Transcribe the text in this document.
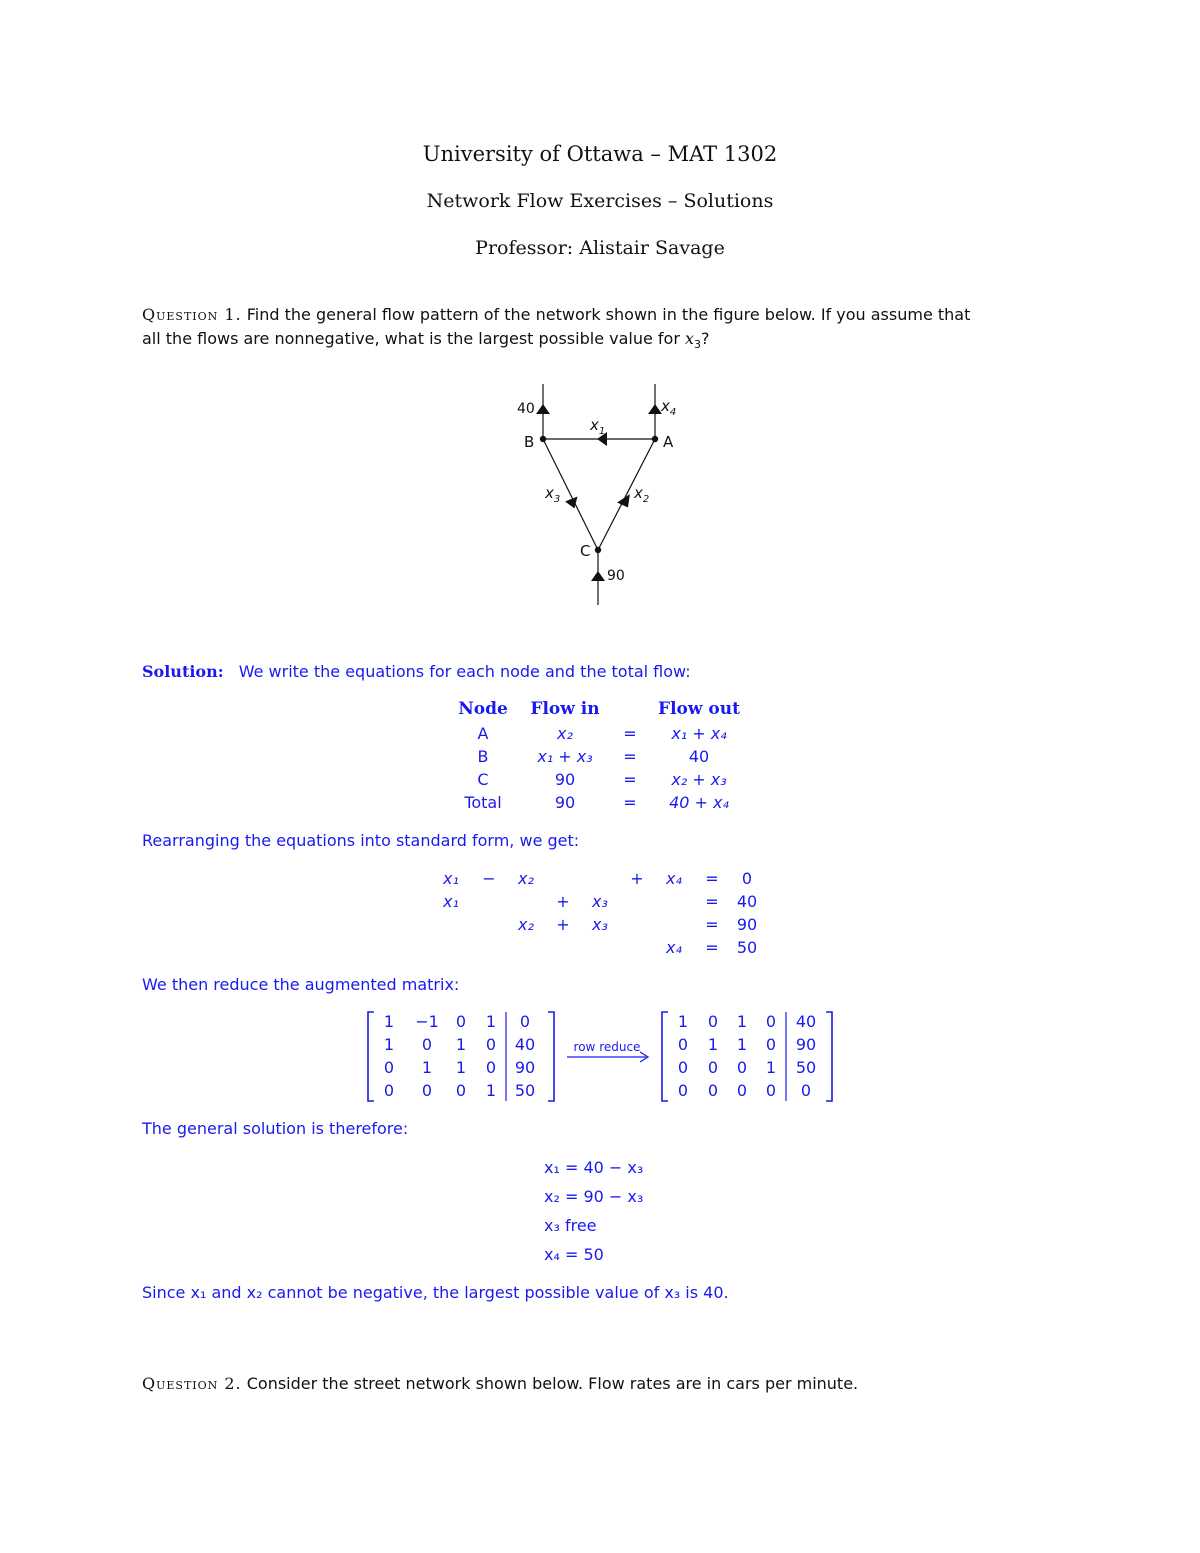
University of Ottawa – MAT 1302
Network Flow Exercises – Solutions
Professor: Alistair Savage
Question 1. Find the general flow pattern of the network shown in the figure below. If you assume that
all the flows are nonnegative, what is the largest possible value for $x_3$?
B	A
C
40
90
$x_4$
$x_1$
$x_3$	$x_2$
Solution: We write the equations for each node and the total flow:
Node	Flow in	Flow out
A	x₂	=	x₁ + x₄
B	x₁ + x₃	=	40
C	90	=	x₂ + x₃
Total	90	=	40 + x₄
Rearranging the equations into standard form, we get:
x₁	−	x₂	+	x₄	=	0
x₁	+	x₃	=	40
x₂	+	x₃	=	90
x₄	=	50
We then reduce the augmented matrix:
row reduce
1	−1	0	1	0
1	0	1	0	40
0	1	1	0	90
0	0	0	1	50
1	0	1	0	40
0	1	1	0	90
0	0	0	1	50
0	0	0	0	0
The general solution is therefore:
x₁ = 40 − x₃
x₂ = 90 − x₃
x₃ free
x₄ = 50
Since x₁ and x₂ cannot be negative, the largest possible value of x₃ is 40.
Question 2. Consider the street network shown below. Flow rates are in cars per minute.
